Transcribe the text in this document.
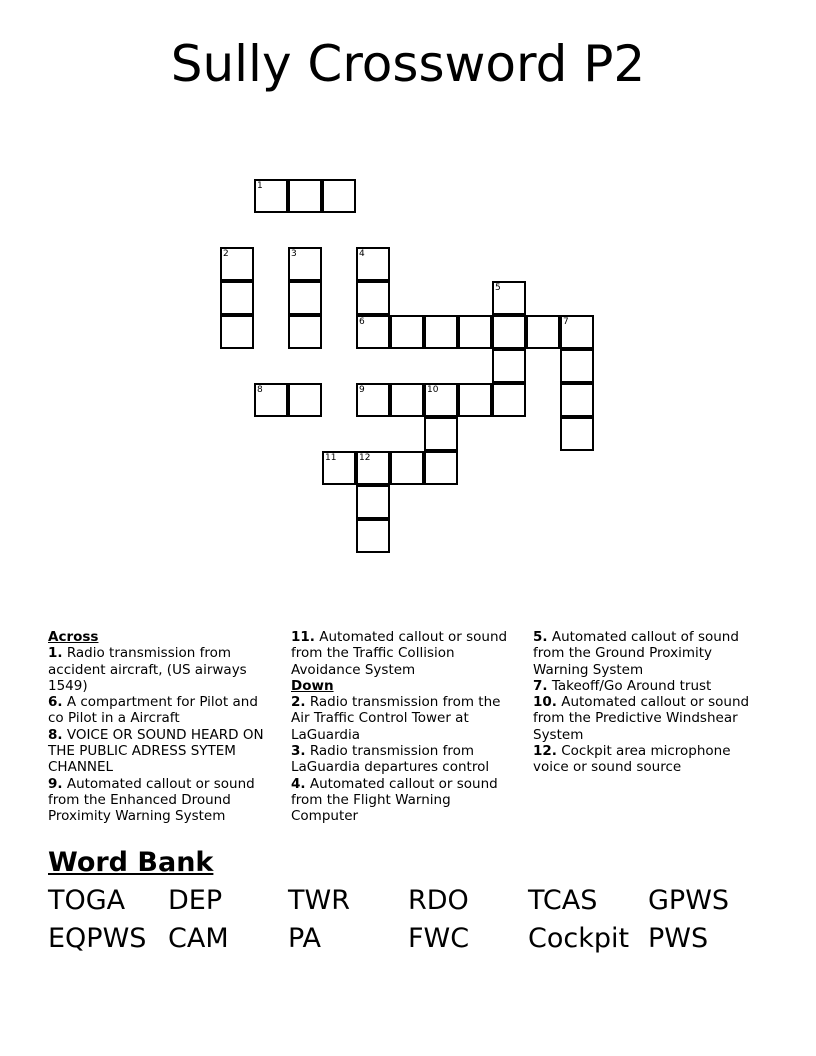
Sully Crossword P2
1
2	3	4
5
6	7
8	9	10
11	12
Across
1. Radio transmission from accident aircraft, (US airways 1549)
6. A compartment for Pilot and co Pilot in a Aircraft
8. VOICE OR SOUND HEARD ON THE PUBLIC ADRESS SYTEM CHANNEL
9. Automated callout or sound from the Enhanced Dround Proximity Warning System
11. Automated callout or sound from the Traffic Collision Avoidance System
Down
2. Radio transmission from the Air Traffic Control Tower at LaGuardia
3. Radio transmission from LaGuardia departures control
4. Automated callout or sound from the Flight Warning Computer
5. Automated callout of sound from the Ground Proximity Warning System
7. Takeoff/Go Around trust
10. Automated callout or sound from the Predictive Windshear System
12. Cockpit area microphone voice or sound source
Word Bank
TOGA DEP TWR RDO TCAS GPWS
EQPWS CAM PA	FWC Cockpit PWS
